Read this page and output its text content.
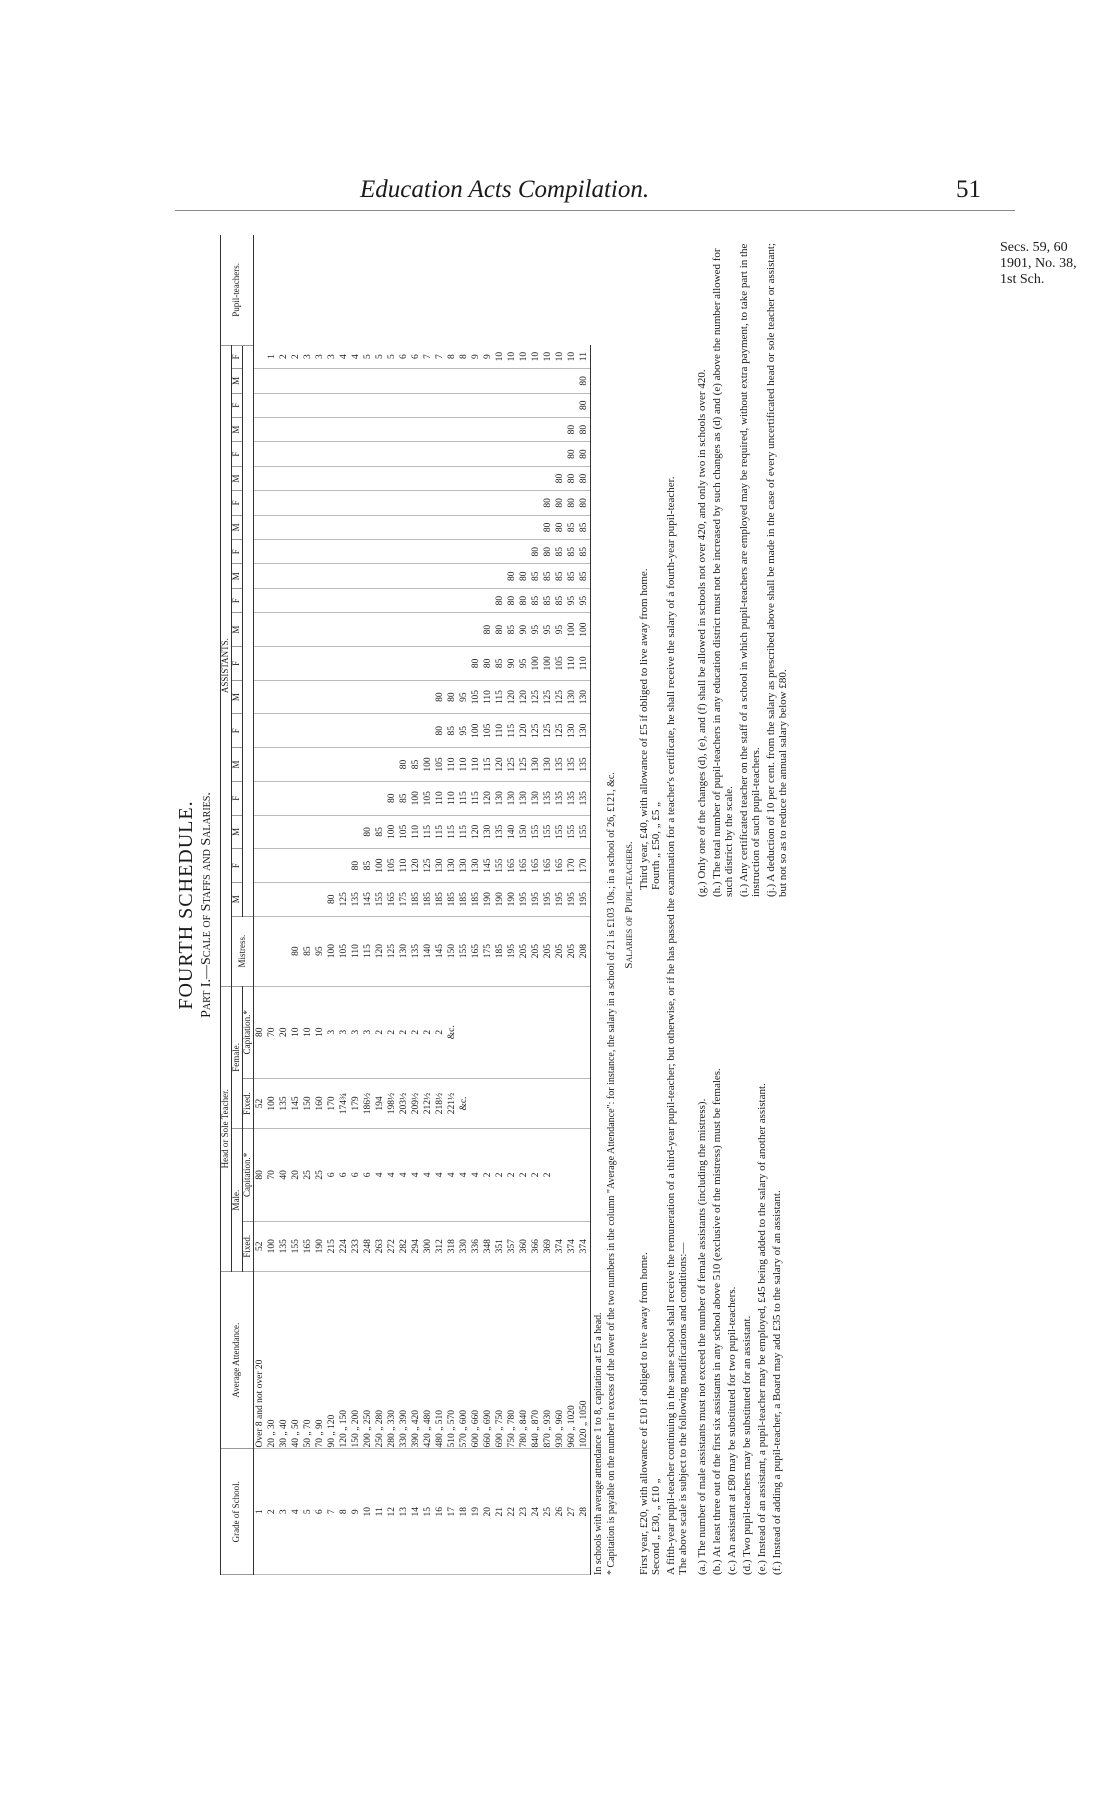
Education Acts Compilation.	51
Secs. 59, 60
1901, No. 38,
1st Sch.
FOURTH SCHEDULE. Part I.—Scale of Staffs and Salaries.
Grade of School.	Average Attendance.	Head or Sole Teacher.				ASSISTANTS.																					Pupil-teachers.
		Male.		Female.		Mistress.	M	F	M	F	M	F	M	F	M	F	M	F	M	F	M	F	M	F	M	F	
		Fixed.	Capitation.*	Fixed.	Capitation.*																						
1	Over 8 and not over 20	52	80	52	80																						
2	20 „ 30	100	70	100	70																					1	
3	30 „ 40	135	40	135	20																					2	
4	40 „ 50	155	20	145	10	80																				2	
5	50 „ 70	165	25	150	10	85																				3	
6	70 „ 90	190	25	160	10	95																				3	
7	90 „ 120	215	6	170	3	100	80																			3	
8	120 „ 150	224	6	174¾	3	105	125																			4	
9	150 „ 200	233	6	179	3	110	135	80																		4	
10	200 „ 250	248	6	186½	3	115	145	85	80																	5	
11	250 „ 280	263	4	194	2	120	155	100	85																	5	
12	280 „ 330	272	4	198½	2	125	165	105	100	80																5	
13	330 „ 390	282	4	203½	2	130	175	110	105	85	80															6	
14	390 „ 420	294	4	209½	2	135	185	120	110	100	85															6	
15	420 „ 480	300	4	212½	2	140	185	125	115	105	100															7	
16	480 „ 510	312	4	218½	2	145	185	130	115	110	105	80	80													7	
17	510 „ 570	318	4	221½	&c.	150	185	130	115	110	110	85	80													8	
18	570 „ 600	330	4	&c.		155	185	130	115	115	110	95	95													8	
19	600 „ 660	336	4			165	185	130	120	115	110	100	105	80												9	
20	660 „ 690	348	2			175	190	145	130	120	115	105	110	80	80											9	
21	690 „ 750	351	2			185	190	155	135	130	120	110	115	85	80	80										10	
22	750 „ 780	357	2			195	190	165	140	130	125	115	120	90	85	80	80									10	
23	780 „ 840	360	2			205	195	165	150	130	125	120	120	95	90	80	80									10	
24	840 „ 870	366	2			205	195	165	155	130	130	125	125	100	95	85	85	80								10	
25	870 „ 930	369	2			205	195	165	155	135	130	125	125	100	95	85	85	80	80	80						10	
26	930 „ 960	374				205	195	165	155	135	135	125	125	105	95	85	85	85	80	80	80					10	
27	960 „ 1020	374				205	195	170	155	135	135	130	130	110	100	95	85	85	85	80	80	80	80			10	
28	1020 „ 1050	374				208	195	170	155	135	135	130	130	110	100	95	85	85	85	80	80	80	80	80	80	11	
In schools with average attendance 1 to 8, capitation at £5 a head. * Capitation is payable on the number in excess of the lower of the two numbers in the column "Average Attendance": for instance, the salary in a school of 21 is £103 10s.; in a school of 26, £121, &c. Salaries of Pupil-teachers.
First year, £20, with allowance of £10 if obliged to live away from home. Second „ £30, „ £10 „
Third year, £40, with allowance of £5 if obliged to live away from home. Fourth „ £50, „ £5 „ A fifth-year pupil-teacher continuing in the same school shall receive the remuneration of a third-year pupil-teacher; but otherwise, or if he has passed the examination for a teacher's certificate, he shall receive the salary of a fourth-year pupil-teacher. The above scale is subject to the following modifications and conditions:— (a.) The number of male assistants must not exceed the number of female assistants (including the mistress). (b.) At least three out of the first six assistants in any school above 510 (exclusive of the mistress) must be females. (c.) An assistant at £80 may be substituted for two pupil-teachers. (d.) Two pupil-teachers may be substituted for an assistant. (e.) Instead of an assistant, a pupil-teacher may be employed, £45 being added to the salary of another assistant. (f.) Instead of adding a pupil-teacher, a Board may add £35 to the salary of an assistant.

(g.) Only one of the changes (d), (e), and (f) shall be allowed in schools not over 420, and only two in schools over 420. (h.) The total number of pupil-teachers in any education district must not be increased by such changes as (d) and (e) above the number allowed for such district by the scale. (i.) Any certificated teacher on the staff of a school in which pupil-teachers are employed may be required, without extra payment, to take part in the instruction of such pupil-teachers. (j.) A deduction of 10 per cent. from the salary as prescribed above shall be made in the case of every uncertificated head or sole teacher or assistant; but not so as to reduce the annual salary below £80.
